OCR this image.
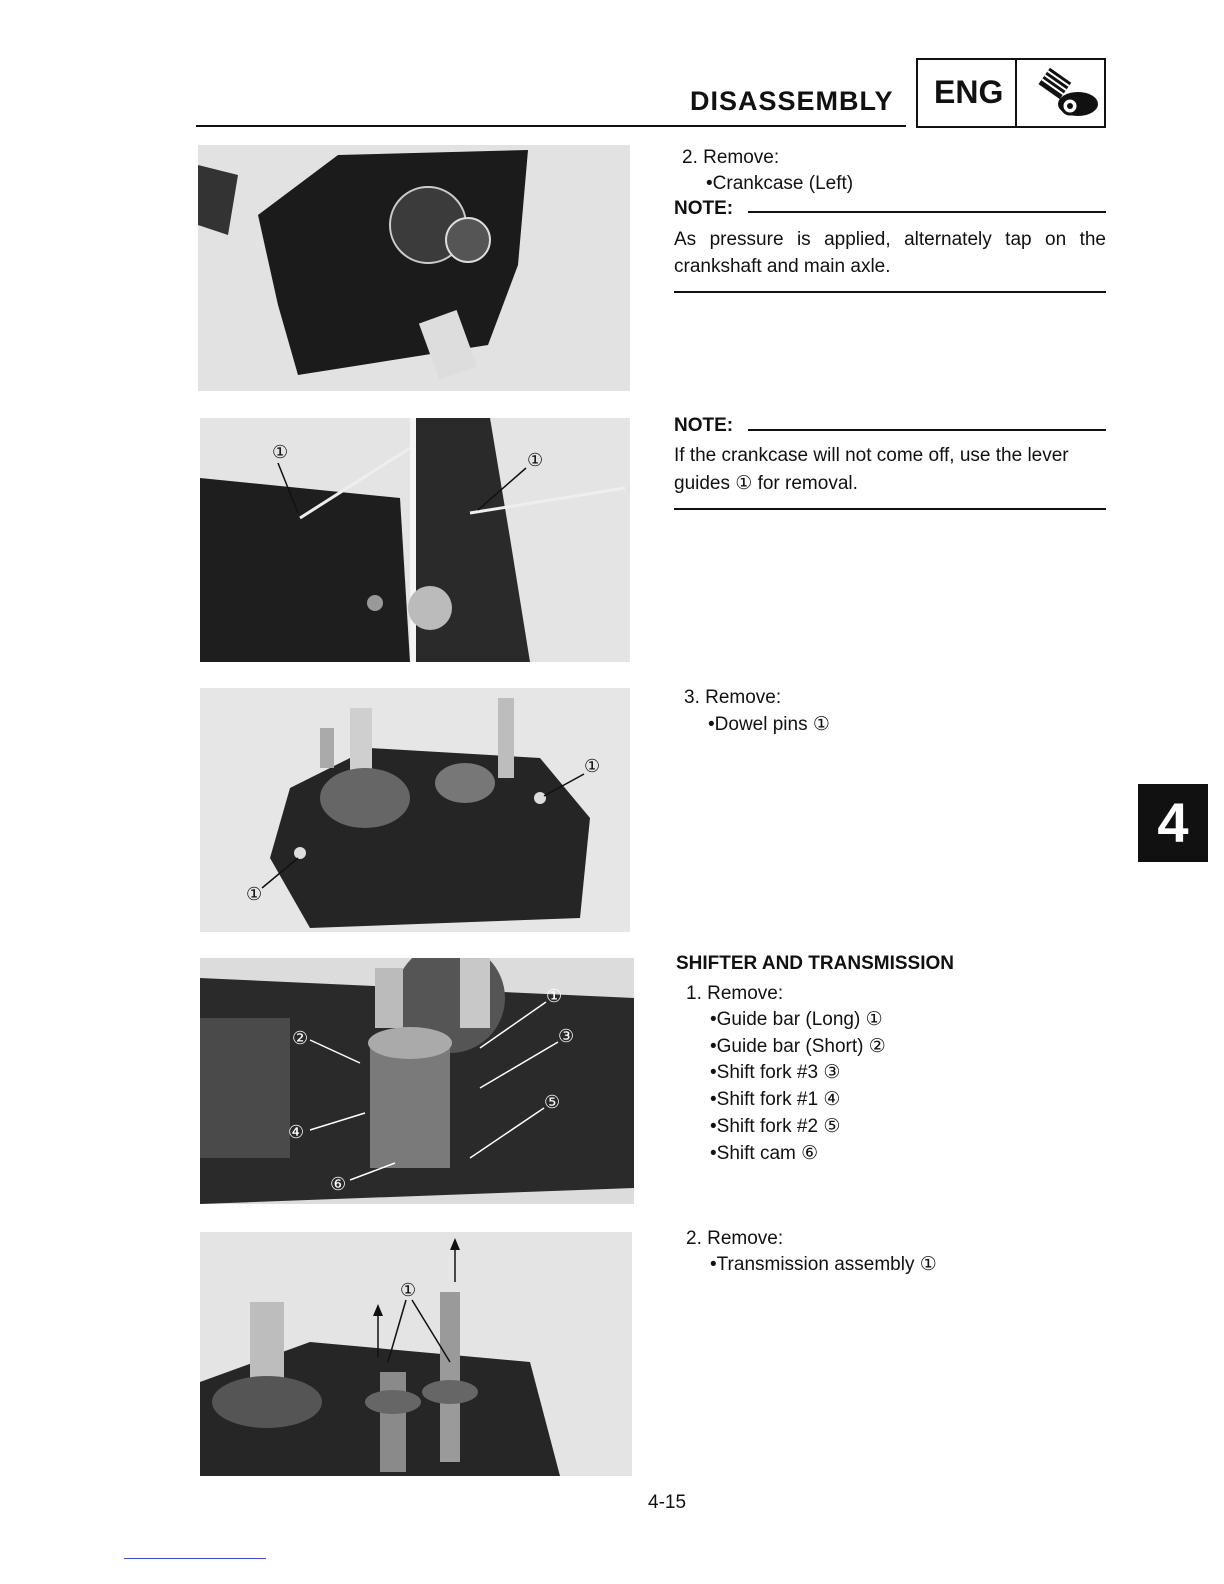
DISASSEMBLY ENG
①	①
①
①
①
②	③
④
⑤
⑥
①
2. Remove:
•Crankcase (Left)
NOTE:
As pressure is applied, alternately tap on the
crankshaft and main axle.
NOTE:
If the crankcase will not come off, use the lever
guides ① for removal.
3. Remove:
•Dowel pins ①
4
SHIFTER AND TRANSMISSION
1. Remove:
•Guide bar (Long) ①
•Guide bar (Short) ②
•Shift fork #3 ③
•Shift fork #1 ④
•Shift fork #2 ⑤
•Shift cam ⑥
2. Remove:
•Transmission assembly ①
4-15
